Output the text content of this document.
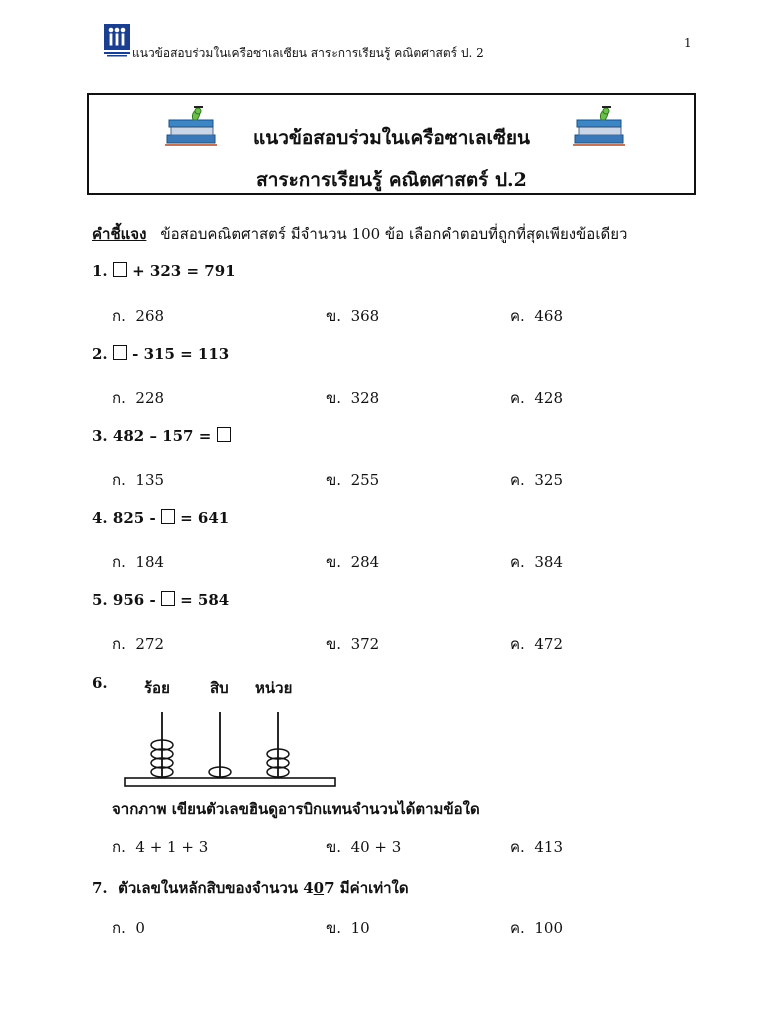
แนวข้อสอบร่วมในเครือซาเลเซียน สาระการเรียนรู้ คณิตศาสตร์ ป. 2
1
แนวข้อสอบร่วมในเครือซาเลเซียน
สาระการเรียนรู้ คณิตศาสตร์ ป.2
คำชี้แจง ข้อสอบคณิตศาสตร์ มีจำนวน 100 ข้อ เลือกคำตอบที่ถูกที่สุดเพียงข้อเดียว
1. + 323 = 791
ก. 268	ข. 368	ค. 468
2. - 315 = 113
ก. 228	ข. 328	ค. 428
3. 482 – 157 =
ก. 135	ข. 255	ค. 325
4. 825 - = 641
ก. 184	ข. 284	ค. 384
5. 956 - = 584
ก. 272	ข. 372	ค. 472
6. ร้อย	สิบ หน่วย
จากภาพ เขียนตัวเลขฮินดูอารบิกแทนจำนวนได้ตามข้อใด
ก. 4 + 1 + 3	ข. 40 + 3	ค. 413
7. ตัวเลขในหลักสิบของจำนวน 407 มีค่าเท่าใด
ก. 0	ข. 10	ค. 100
